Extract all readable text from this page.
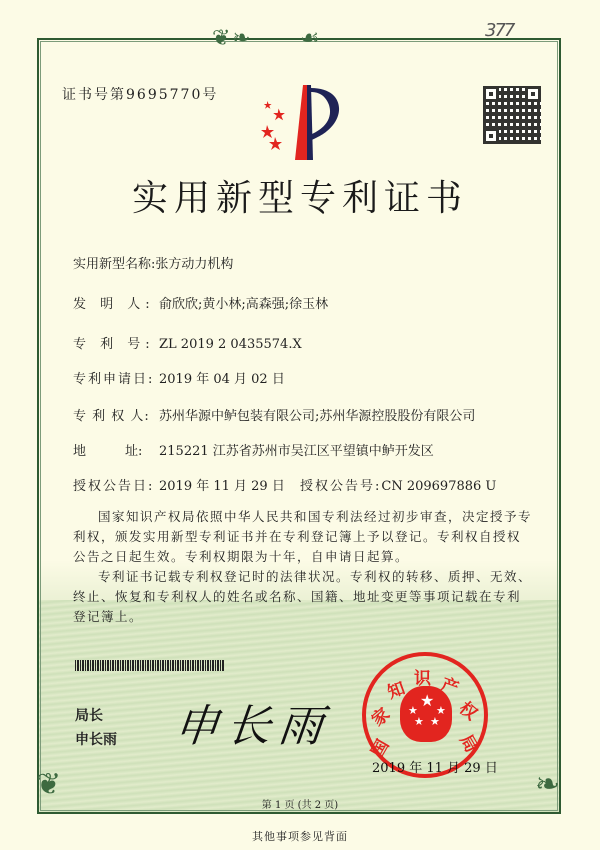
❦ ❧ ☙
❦	❧
377
证书号第9695770号
实用新型专利证书
实用新型名称:张方动力机构
发 明 人: 俞欣欣;黄小林;高森强;徐玉林
专 利 号: ZL 2019 2 0435574.X
专利申请日: 2019 年 04 月 02 日
专 利 权 人: 苏州华源中鲈包装有限公司;苏州华源控股股份有限公司
地　　　址: 215221 江苏省苏州市吴江区平望镇中鲈开发区
授权公告日: 2019 年 11 月 29 日 授权公告号:CN 209697886 U
国家知识产权局依照中华人民共和国专利法经过初步审查，决定授予专利权，颁发实用新型专利证书并在专利登记簿上予以登记。专利权自授权公告之日起生效。专利权期限为十年，自申请日起算。
专利证书记载专利权登记时的法律状况。专利权的转移、质押、无效、终止、恢复和专利权人的姓名或名称、国籍、地址变更等事项记载在专利登记簿上。
局长
申长雨 申长雨
★
★ ★
★ ★
国
家
知 识 产
权
局
2019 年 11 月 29 日
第 1 页 (共 2 页)
其他事项参见背面
